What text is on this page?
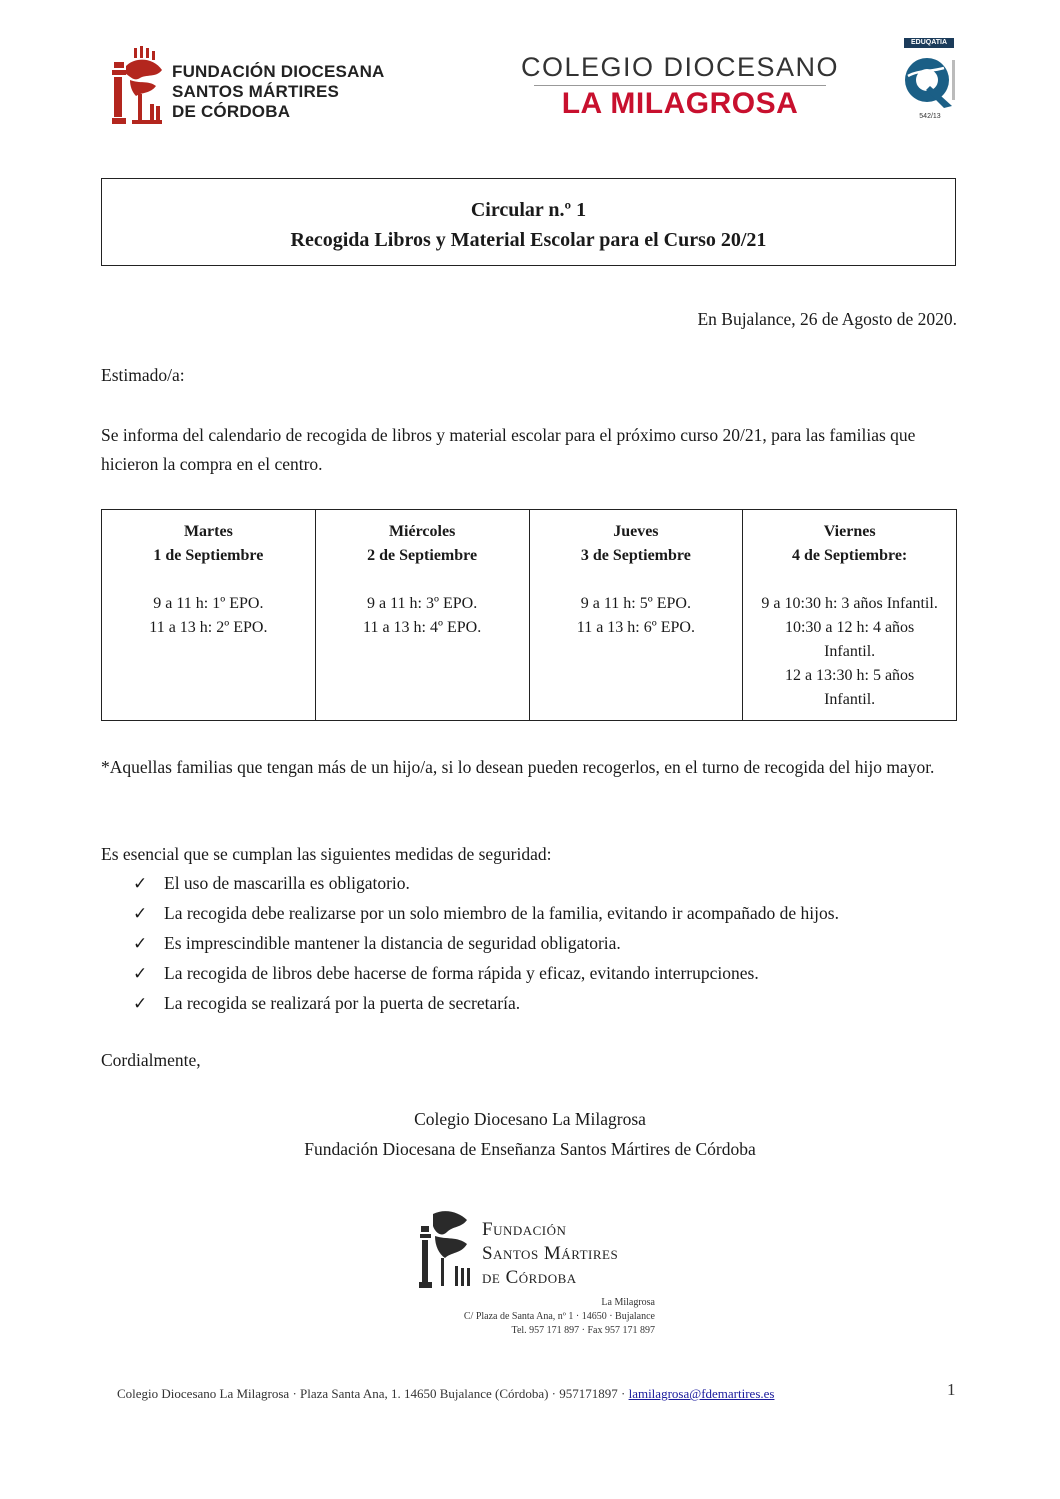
FUNDACIÓN DIOCESANA
SANTOS MÁRTIRES
DE CÓRDOBA
COLEGIO DIOCESANO
LA MILAGROSA
EDUQATIA
542/13
Circular n.º 1
Recogida Libros y Material Escolar para el Curso 20/21
En Bujalance, 26 de Agosto de 2020.
Estimado/a:
Se informa del calendario de recogida de libros y material escolar para el próximo curso 20/21, para las familias que hicieron la compra en el centro.
Martes
1 de Septiembre
9 a 11 h: 1º EPO.
11 a 13 h: 2º EPO.

Miércoles
2 de Septiembre
9 a 11 h: 3º EPO.
11 a 13 h: 4º EPO.

Jueves
3 de Septiembre
9 a 11 h: 5º EPO.
11 a 13 h: 6º EPO.

Viernes
4 de Septiembre:
9 a 10:30 h: 3 años Infantil.
10:30 a 12 h: 4 años
Infantil.
12 a 13:30 h: 5 años
Infantil.
*Aquellas familias que tengan más de un hijo/a, si lo desean pueden recogerlos, en el turno de recogida del hijo mayor.
Es esencial que se cumplan las siguientes medidas de seguridad:
✓ El uso de mascarilla es obligatorio.
✓ La recogida debe realizarse por un solo miembro de la familia, evitando ir acompañado de hijos.
✓ Es imprescindible mantener la distancia de seguridad obligatoria.
✓ La recogida de libros debe hacerse de forma rápida y eficaz, evitando interrupciones.
✓ La recogida se realizará por la puerta de secretaría.
Cordialmente,
Colegio Diocesano La Milagrosa
Fundación Diocesana de Enseñanza Santos Mártires de Córdoba
Fundación
Santos Mártires
de Córdoba
La Milagrosa
C/ Plaza de Santa Ana, nº 1 · 14650 · Bujalance
Tel. 957 171 897 · Fax 957 171 897
Colegio Diocesano La Milagrosa · Plaza Santa Ana, 1. 14650 Bujalance (Córdoba) · 957171897 · lamilagrosa@fdemartires.es	1
